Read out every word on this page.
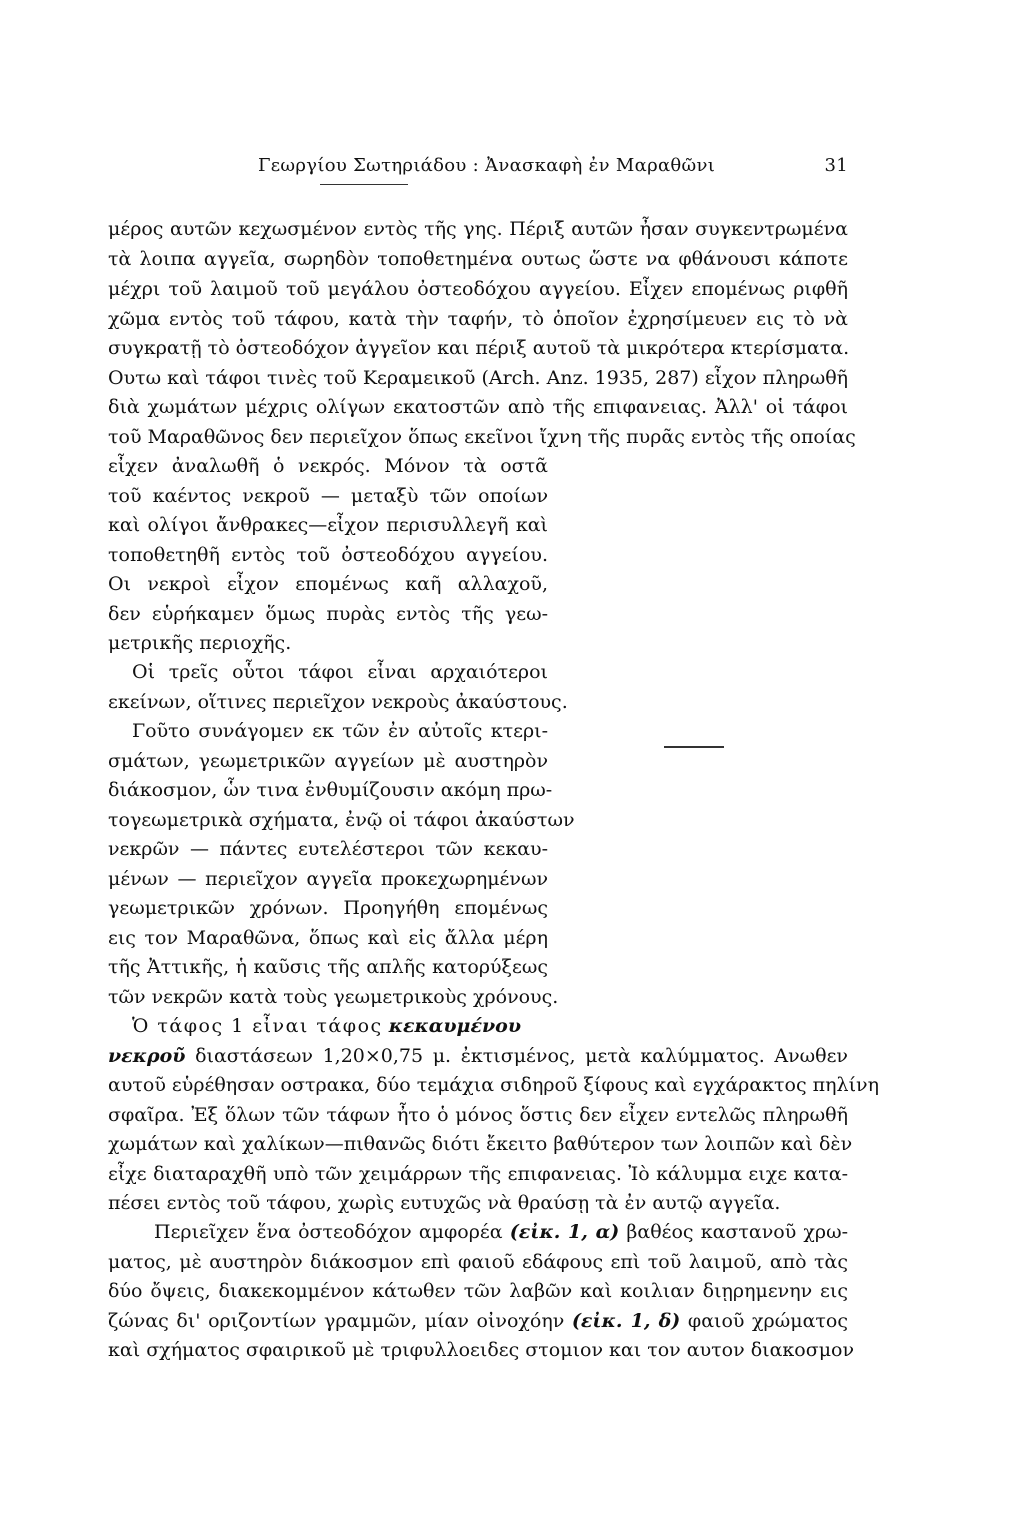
Γεωργίου Σωτηριάδου : Ἀνασκαφὴ ἐν Μαραθῶνι	31
μέρος αυτῶν κεχωσμένον εντὸς τῆς γης. Πέριξ αυτῶν ἦσαν συγκεντρωμένα
τὰ λοιπα αγγεῖα, σωρηδὸν τοποθετημένα ουτως ὥστε να φθάνουσι κάποτε
μέχρι τοῦ λαιμοῦ τοῦ μεγάλου ὀστεοδόχου αγγείου. Εἶχεν επομένως ριφθῆ
χῶμα εντὸς τοῦ τάφου, κατὰ τὴν ταφήν, τὸ ὁποῖον ἐχρησίμευεν εις τὸ νὰ
συγκρατῇ τὸ ὀστεοδόχον ἀγγεῖον και πέριξ αυτοῦ τὰ μικρότερα κτερίσματα.
Ουτω καὶ τάφοι τινὲς τοῦ Κεραμεικοῦ (Arch. Anz. 1935, 287) εἶχον πληρωθῆ
διὰ χωμάτων μέχρις ολίγων εκατοστῶν απὸ τῆς επιφανειας. Ἀλλ' οἱ τάφοι
τοῦ Μαραθῶνος δεν περιεῖχον ὅπως εκεῖνοι ἴχνη τῆς πυρᾶς εντὸς τῆς οποίας
εἶχεν ἀναλωθῆ ὁ νεκρός. Μόνον τὰ οστᾶ
τοῦ καέντος νεκροῦ — μεταξὺ τῶν οποίων
καὶ ολίγοι ἄνθρακες—εἶχον περισυλλεγῆ καὶ
τοποθετηθῆ εντὸς τοῦ ὀστεοδόχου αγγείου.
Οι νεκροὶ εἶχον επομένως καῆ αλλαχοῦ,
δεν εὑρήκαμεν ὅμως πυρὰς εντὸς τῆς γεω-
μετρικῆς περιοχῆς.
Οἱ τρεῖς οὗτοι τάφοι εἶναι αρχαιότεροι
εκείνων, οἵτινες περιεῖχον νεκροὺς ἀκαύστους.
Γοῦτο συνάγομεν εκ τῶν ἐν αὐτοῖς κτερι-
σμάτων, γεωμετρικῶν αγγείων μὲ αυστηρὸν
διάκοσμον, ὧν τινα ἐνθυμίζουσιν ακόμη πρω-
τογεωμετρικὰ σχήματα, ἐνῷ οἱ τάφοι ἀκαύστων
νεκρῶν — πάντες ευτελέστεροι τῶν κεκαυ-
μένων — περιεῖχον αγγεῖα προκεχωρημένων
γεωμετρικῶν χρόνων. Προηγήθη επομένως
εις τον Μαραθῶνα, ὅπως καὶ εἰς ἄλλα μέρη
τῆς Ἀττικῆς, ἡ καῦσις τῆς απλῆς κατορύξεως
τῶν νεκρῶν κατὰ τοὺς γεωμετρικοὺς χρόνους.
Ὁ τάφος 1 εἶναι τάφος κεκαυμένου
νεκροῦ διαστάσεων 1,20×0,75 μ. ἐκτισμένος, μετὰ καλύμματος. Ανωθεν
αυτοῦ εὑρέθησαν οστρακα, δύο τεμάχια σιδηροῦ ξίφους καὶ εγχάρακτος πηλίνη
σφαῖρα. Ἐξ ὅλων τῶν τάφων ἦτο ὁ μόνος ὅστις δεν εἶχεν εντελῶς πληρωθῆ
χωμάτων καὶ χαλίκων—πιθανῶς διότι ἔκειτο βαθύτερον των λοιπῶν καὶ δὲν
εἶχε διαταραχθῆ υπὸ τῶν χειμάρρων τῆς επιφανειας. Ἰὸ κάλυμμα ειχε κατα-
πέσει εντὸς τοῦ τάφου, χωρὶς ευτυχῶς νὰ θραύσῃ τὰ ἐν αυτῷ αγγεῖα.
Περιεῖχεν ἕνα ὀστεοδόχον αμφορέα (εἰκ. 1, α) βαθέος καστανοῦ χρω-
ματος, μὲ αυστηρὸν διάκοσμον επὶ φαιοῦ εδάφους επὶ τοῦ λαιμοῦ, απὸ τὰς
δύο ὄψεις, διακεκομμένον κάτωθεν τῶν λαβῶν καὶ κοιλιαν διῃρημενην εις
ζώνας δι' οριζοντίων γραμμῶν, μίαν οἰνοχόην (εἰκ. 1, δ) φαιοῦ χρώματος
καὶ σχήματος σφαιρικοῦ μὲ τριφυλλοειδες στομιον και τον αυτον διακοσμον
